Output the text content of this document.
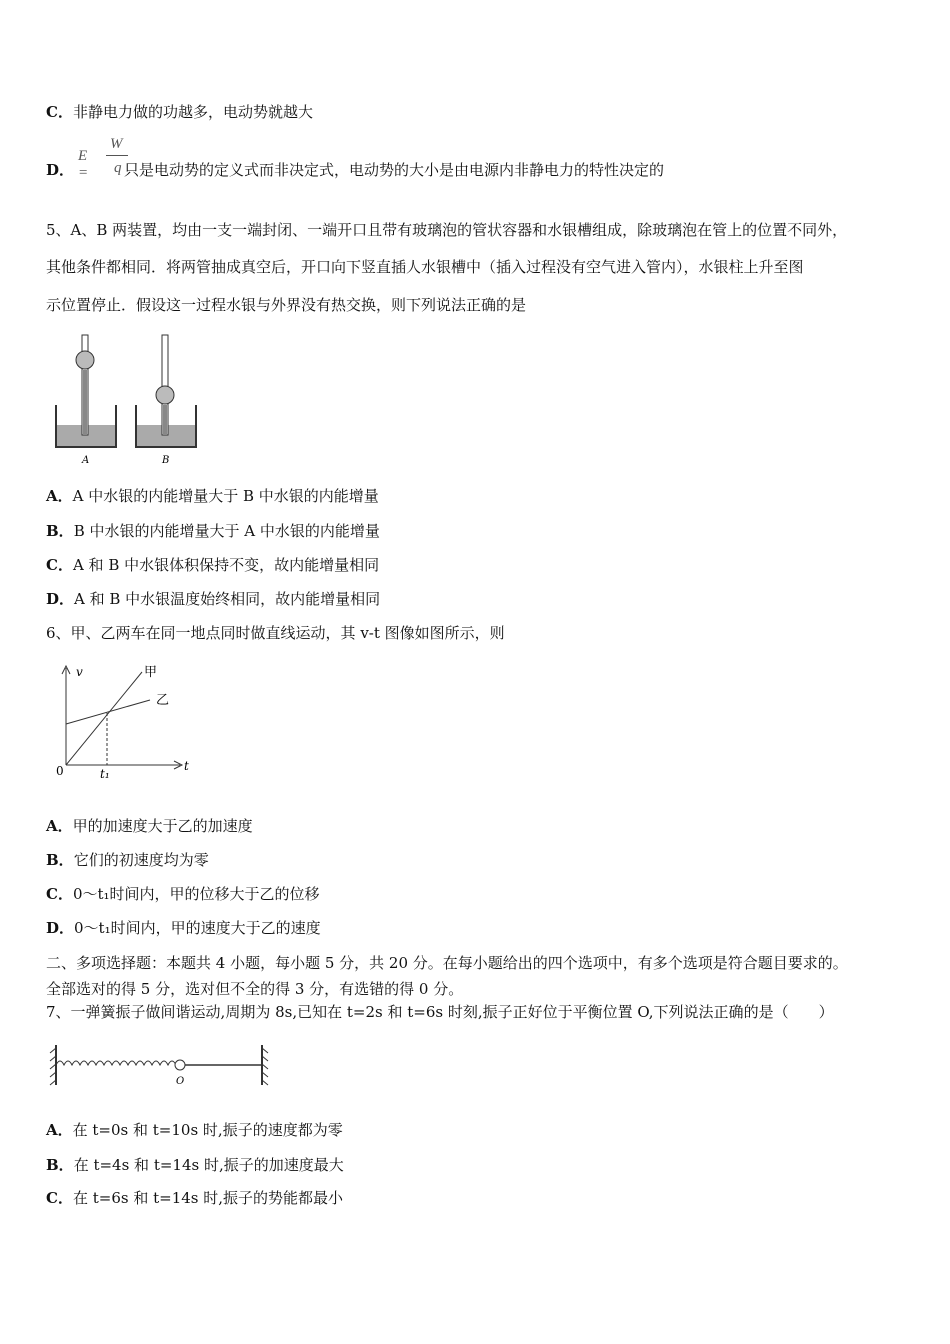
C．非静电力做的功越多，电动势就越大
E =
W
q
D．	只是电动势的定义式而非决定式，电动势的大小是由电源内非静电力的特性决定的
5、A、B 两装置，均由一支一端封闭、一端开口且带有玻璃泡的管状容器和水银槽组成，除玻璃泡在管上的位置不同外，
其他条件都相同．将两管抽成真空后，开口向下竖直插人水银槽中（插入过程没有空气进入管内），水银柱上升至图
示位置停止．假设这一过程水银与外界没有热交换，则下列说法正确的是
A	B
A．A 中水银的内能增量大于 B 中水银的内能增量
B．B 中水银的内能增量大于 A 中水银的内能增量
C．A 和 B 中水银体积保持不变，故内能增量相同
D．A 和 B 中水银温度始终相同，故内能增量相同
6、甲、乙两车在同一地点同时做直线运动，其 v-t 图像如图所示，则
v
t
0	t₁
甲
乙
A．甲的加速度大于乙的加速度
B．它们的初速度均为零
C．0～t₁时间内，甲的位移大于乙的位移
D．0～t₁时间内，甲的速度大于乙的速度
二、多项选择题：本题共 4 小题，每小题 5 分，共 20 分。在每小题给出的四个选项中，有多个选项是符合题目要求的。
全部选对的得 5 分，选对但不全的得 3 分，有选错的得 0 分。
7、一弹簧振子做间谐运动,周期为 8s,已知在 t=2s 和 t=6s 时刻,振子正好位于平衡位置 O,下列说法正确的是（　　）
O
A．在 t=0s 和 t=10s 时,振子的速度都为零
B．在 t=4s 和 t=14s 时,振子的加速度最大
C．在 t=6s 和 t=14s 时,振子的势能都最小
